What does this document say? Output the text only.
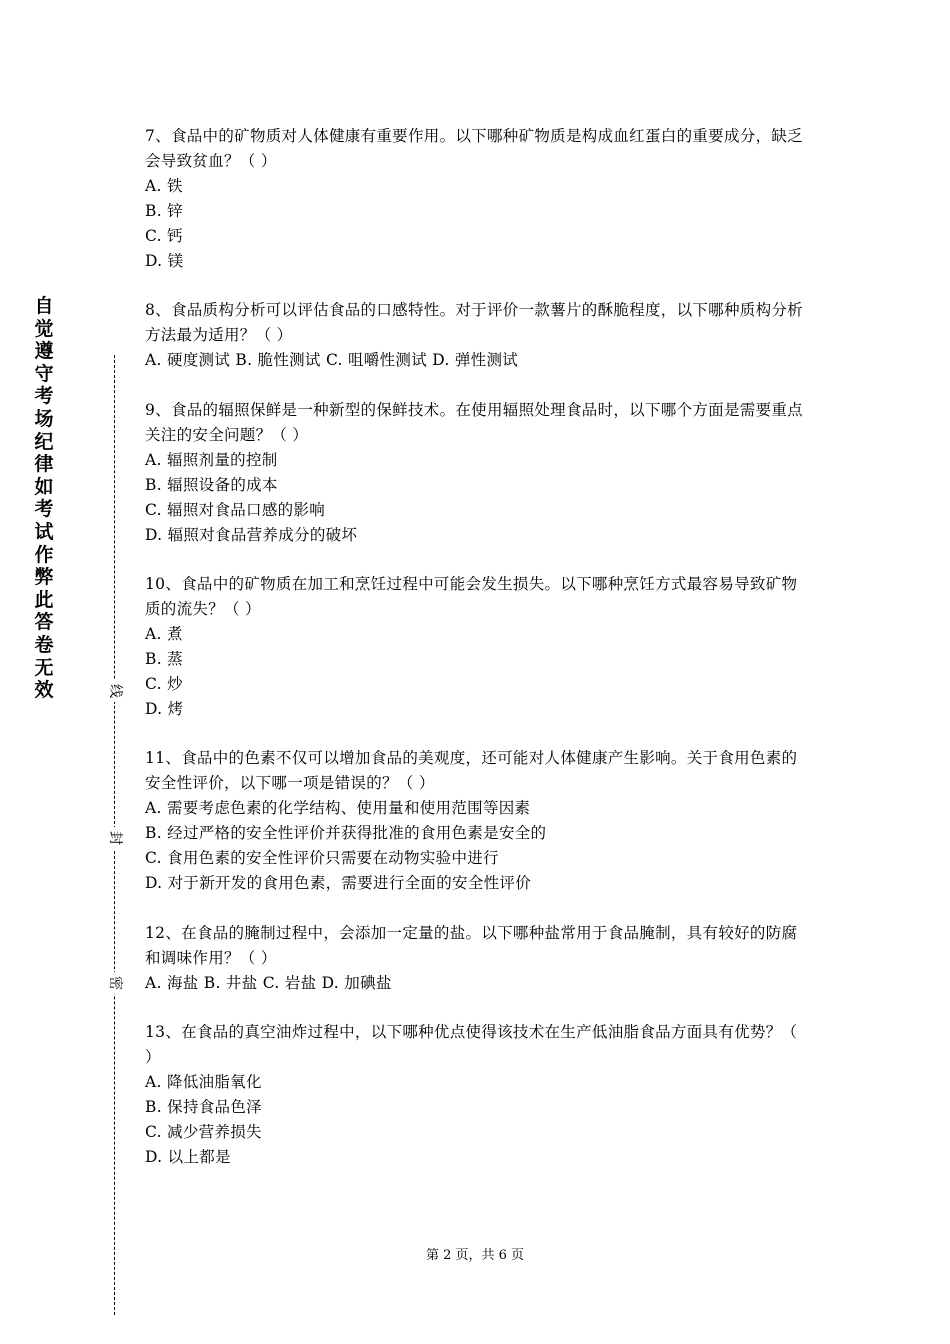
自觉遵守考场纪律如考试作弊此答卷无效	线
封
密

7、食品中的矿物质对人体健康有重要作用。以下哪种矿物质是构成血红蛋白的重要成分，缺乏会导致贫血？（ ）

A. 铁

B. 锌

C. 钙

D. 镁

8、食品质构分析可以评估食品的口感特性。对于评价一款薯片的酥脆程度，以下哪种质构分析方法最为适用？（ ）

A. 硬度测试 B. 脆性测试 C. 咀嚼性测试 D. 弹性测试

9、食品的辐照保鲜是一种新型的保鲜技术。在使用辐照处理食品时，以下哪个方面是需要重点关注的安全问题？（ ）

A. 辐照剂量的控制

B. 辐照设备的成本

C. 辐照对食品口感的影响

D. 辐照对食品营养成分的破坏

10、食品中的矿物质在加工和烹饪过程中可能会发生损失。以下哪种烹饪方式最容易导致矿物质的流失？（ ）

A. 煮

B. 蒸

C. 炒

D. 烤

11、食品中的色素不仅可以增加食品的美观度，还可能对人体健康产生影响。关于食用色素的安全性评价，以下哪一项是错误的？（ ）

A. 需要考虑色素的化学结构、使用量和使用范围等因素

B. 经过严格的安全性评价并获得批准的食用色素是安全的

C. 食用色素的安全性评价只需要在动物实验中进行

D. 对于新开发的食用色素，需要进行全面的安全性评价

12、在食品的腌制过程中，会添加一定量的盐。以下哪种盐常用于食品腌制，具有较好的防腐和调味作用？（ ）

A. 海盐 B. 井盐 C. 岩盐 D. 加碘盐

13、在食品的真空油炸过程中，以下哪种优点使得该技术在生产低油脂食品方面具有优势？（ ）

A. 降低油脂氧化

B. 保持食品色泽

C. 减少营养损失

D. 以上都是

第 2 页，共 6 页
